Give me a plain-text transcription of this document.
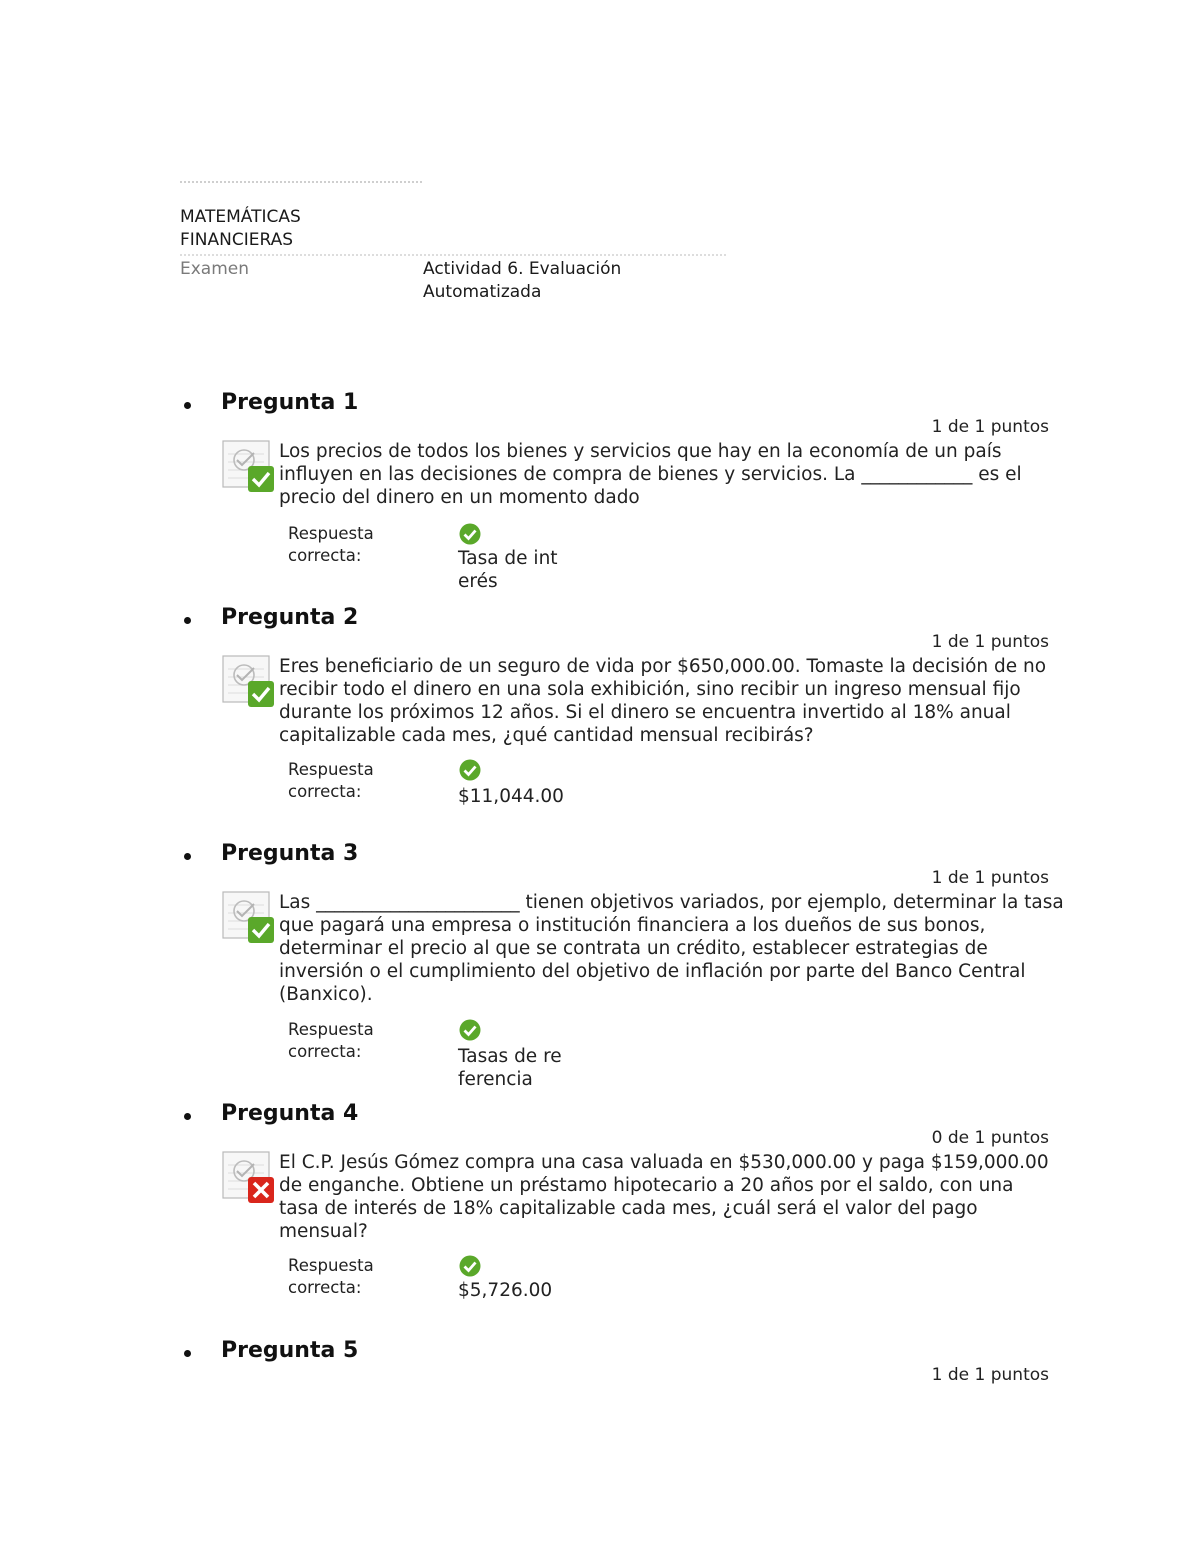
MATEMÁTICAS FINANCIERAS
Examen	Actividad 6. Evaluación Automatizada
Pregunta 1
1 de 1 puntos
Los precios de todos los bienes y servicios que hay en la economía de un país influyen en las decisiones de compra de bienes y servicios. La ____________ es el precio del dinero en un momento dado
Respuesta correcta:	Tasa de interés
Pregunta 2
1 de 1 puntos
Eres beneficiario de un seguro de vida por $650,000.00. Tomaste la decisión de no recibir todo el dinero en una sola exhibición, sino recibir un ingreso mensual fijo durante los próximos 12 años. Si el dinero se encuentra invertido al 18% anual capitalizable cada mes, ¿qué cantidad mensual recibirás?
Respuesta correcta:	$11,044.00
Pregunta 3
1 de 1 puntos
Las ______________________ tienen objetivos variados, por ejemplo, determinar la tasa que pagará una empresa o institución financiera a los dueños de sus bonos, determinar el precio al que se contrata un crédito, establecer estrategias de inversión o el cumplimiento del objetivo de inflación por parte del Banco Central (Banxico).
Respuesta correcta:	Tasas de referencia
Pregunta 4
0 de 1 puntos
El C.P. Jesús Gómez compra una casa valuada en $530,000.00 y paga $159,000.00 de enganche. Obtiene un préstamo hipotecario a 20 años por el saldo, con una tasa de interés de 18% capitalizable cada mes, ¿cuál será el valor del pago mensual?
Respuesta correcta:	$5,726.00
Pregunta 5
1 de 1 puntos
